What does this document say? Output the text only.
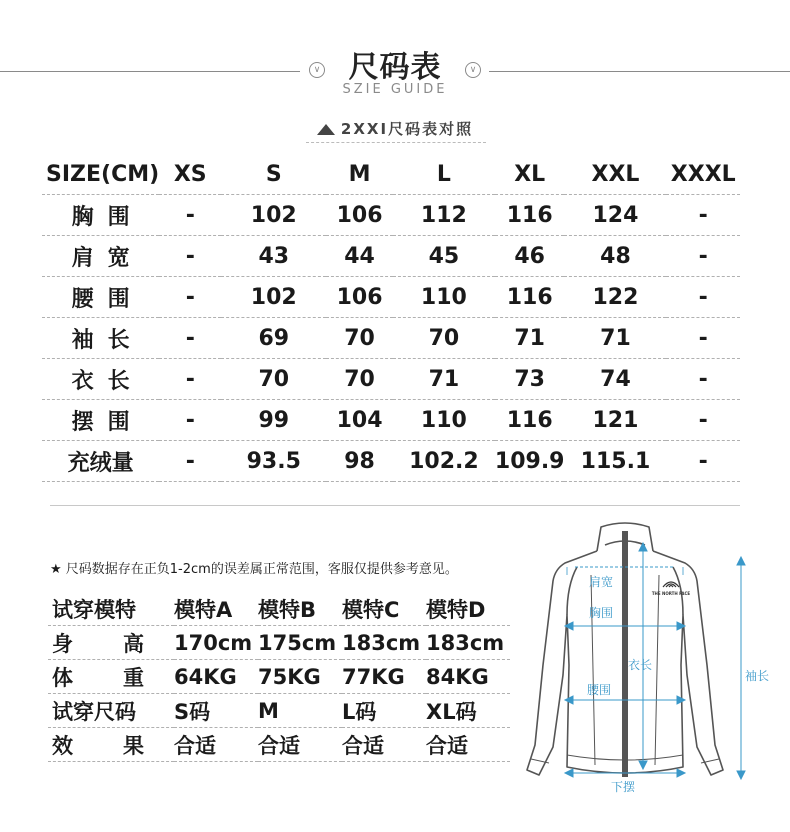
∨ 尺码表	∨
SZIE GUIDE
2XXI尺码表对照
SIZE(CM)	XS	S	M	L	XL	XXL	XXXL
胸围	-	102	106	112	116	124	-
肩宽	-	43	44	45	46	48	-
腰围	-	102	106	110	116	122	-
袖长	-	69	70	70	71	71	-
衣长	-	70	70	71	73	74	-
摆围	-	99	104	110	116	121	-
充绒量	-	93.5	98	102.2	109.9	115.1	-
★ 尺码数据存在正负1-2cm的误差属正常范围，客服仅提供参考意见。
试穿模特	模特A	模特B	模特C	模特D

身 高	170cm	175cm	183cm	183cm

体 重	64KG	75KG	77KG	84KG
试穿尺码	S码	M	L码	XL码

效 果	合适	合适	合适	合适
THE NORTH FACE
肩宽
胸围
衣长
腰围
袖长
下摆
